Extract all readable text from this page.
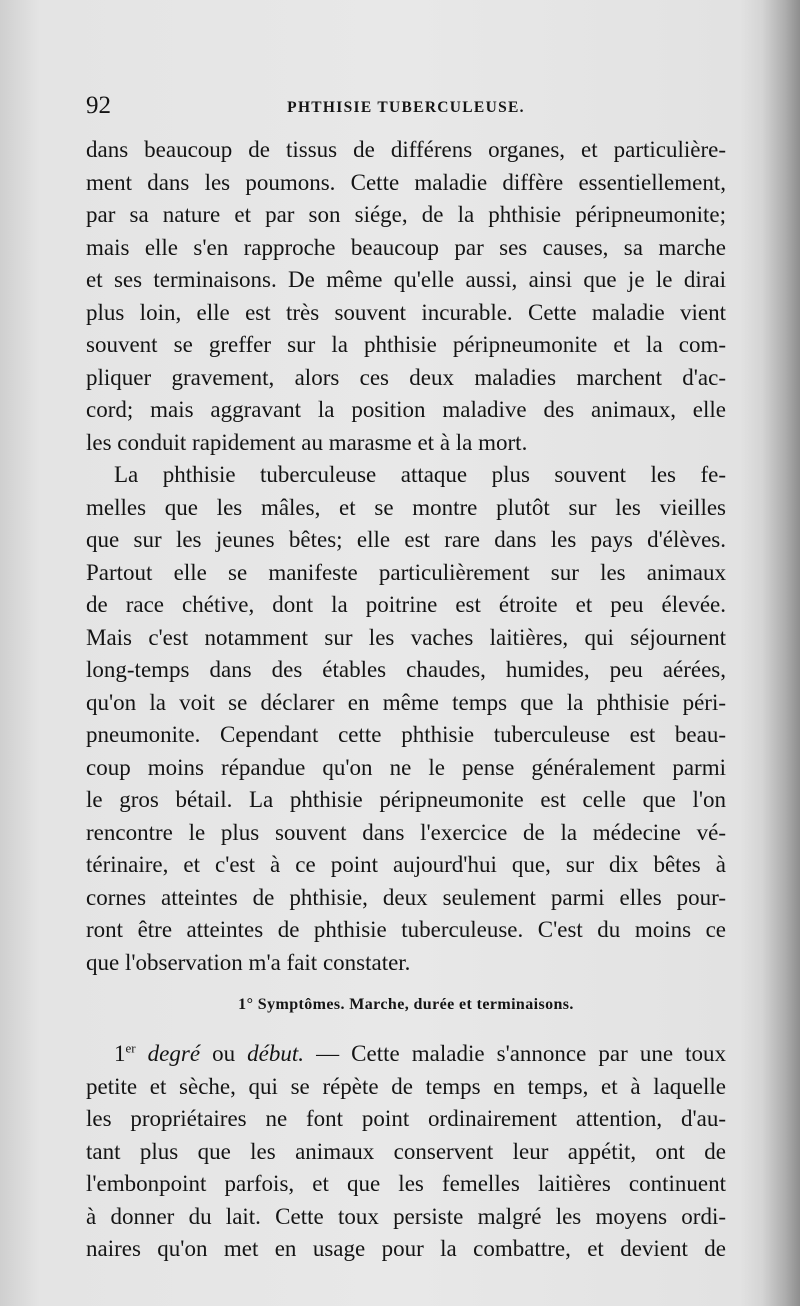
92	PHTHISIE TUBERCULEUSE.
dans beaucoup de tissus de différens organes, et particulière-
ment dans les poumons. Cette maladie diffère essentiellement,
par sa nature et par son siége, de la phthisie péripneumonite;
mais elle s'en rapproche beaucoup par ses causes, sa marche
et ses terminaisons. De même qu'elle aussi, ainsi que je le dirai
plus loin, elle est très souvent incurable. Cette maladie vient
souvent se greffer sur la phthisie péripneumonite et la com-
pliquer gravement, alors ces deux maladies marchent d'ac-
cord; mais aggravant la position maladive des animaux, elle
les conduit rapidement au marasme et à la mort.
La phthisie tuberculeuse attaque plus souvent les fe-
melles que les mâles, et se montre plutôt sur les vieilles
que sur les jeunes bêtes; elle est rare dans les pays d'élèves.
Partout elle se manifeste particulièrement sur les animaux
de race chétive, dont la poitrine est étroite et peu élevée.
Mais c'est notamment sur les vaches laitières, qui séjournent
long-temps dans des étables chaudes, humides, peu aérées,
qu'on la voit se déclarer en même temps que la phthisie péri-
pneumonite. Cependant cette phthisie tuberculeuse est beau-
coup moins répandue qu'on ne le pense généralement parmi
le gros bétail. La phthisie péripneumonite est celle que l'on
rencontre le plus souvent dans l'exercice de la médecine vé-
térinaire, et c'est à ce point aujourd'hui que, sur dix bêtes à
cornes atteintes de phthisie, deux seulement parmi elles pour-
ront être atteintes de phthisie tuberculeuse. C'est du moins ce
que l'observation m'a fait constater.
1° Symptômes. Marche, durée et terminaisons.
1er degré ou début. — Cette maladie s'annonce par une toux
petite et sèche, qui se répète de temps en temps, et à laquelle
les propriétaires ne font point ordinairement attention, d'au-
tant plus que les animaux conservent leur appétit, ont de
l'embonpoint parfois, et que les femelles laitières continuent
à donner du lait. Cette toux persiste malgré les moyens ordi-
naires qu'on met en usage pour la combattre, et devient de
